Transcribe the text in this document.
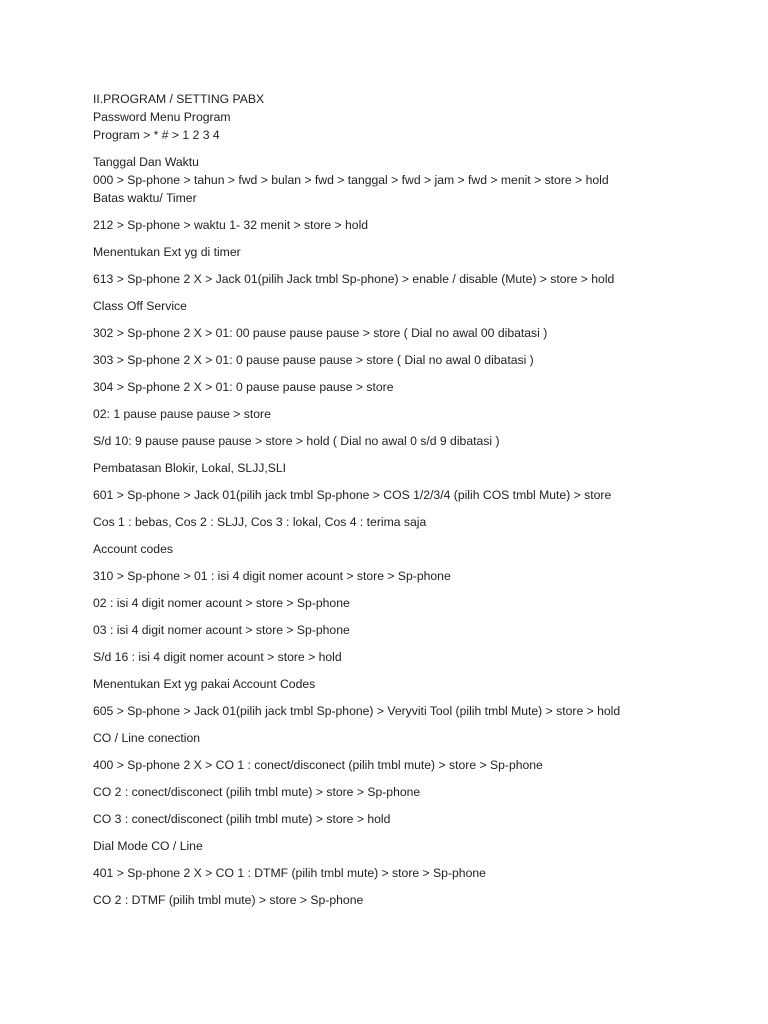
II.PROGRAM / SETTING PABX

Password Menu Program

Program > * # > 1 2 3 4

Tanggal Dan Waktu

000 > Sp-phone > tahun > fwd > bulan > fwd > tanggal > fwd > jam > fwd > menit > store > hold

Batas waktu/ Timer

212 > Sp-phone > waktu 1- 32 menit > store > hold

Menentukan Ext yg di timer

613 > Sp-phone 2 X > Jack 01(pilih Jack tmbl Sp-phone) > enable / disable (Mute) > store > hold

Class Off Service

302 > Sp-phone 2 X > 01: 00 pause pause pause > store ( Dial no awal 00 dibatasi )

303 > Sp-phone 2 X > 01: 0 pause pause pause > store ( Dial no awal 0 dibatasi )

304 > Sp-phone 2 X > 01: 0 pause pause pause > store

02: 1 pause pause pause > store

S/d 10: 9 pause pause pause > store > hold ( Dial no awal 0 s/d 9 dibatasi )

Pembatasan Blokir, Lokal, SLJJ,SLI

601 > Sp-phone > Jack 01(pilih jack tmbl Sp-phone > COS 1/2/3/4 (pilih COS tmbl Mute) > store

Cos 1 : bebas, Cos 2 : SLJJ, Cos 3 : lokal, Cos 4 : terima saja

Account codes

310 > Sp-phone > 01 : isi 4 digit nomer acount > store > Sp-phone

02 : isi 4 digit nomer acount > store > Sp-phone

03 : isi 4 digit nomer acount > store > Sp-phone

S/d 16 : isi 4 digit nomer acount > store > hold

Menentukan Ext yg pakai Account Codes

605 > Sp-phone > Jack 01(pilih jack tmbl Sp-phone) > Veryviti Tool (pilih tmbl Mute) > store > hold

CO / Line conection

400 > Sp-phone 2 X > CO 1 : conect/disconect (pilih tmbl mute) > store > Sp-phone

CO 2 : conect/disconect (pilih tmbl mute) > store > Sp-phone

CO 3 : conect/disconect (pilih tmbl mute) > store > hold

Dial Mode CO / Line

401 > Sp-phone 2 X > CO 1 : DTMF (pilih tmbl mute) > store > Sp-phone

CO 2 : DTMF (pilih tmbl mute) > store > Sp-phone
